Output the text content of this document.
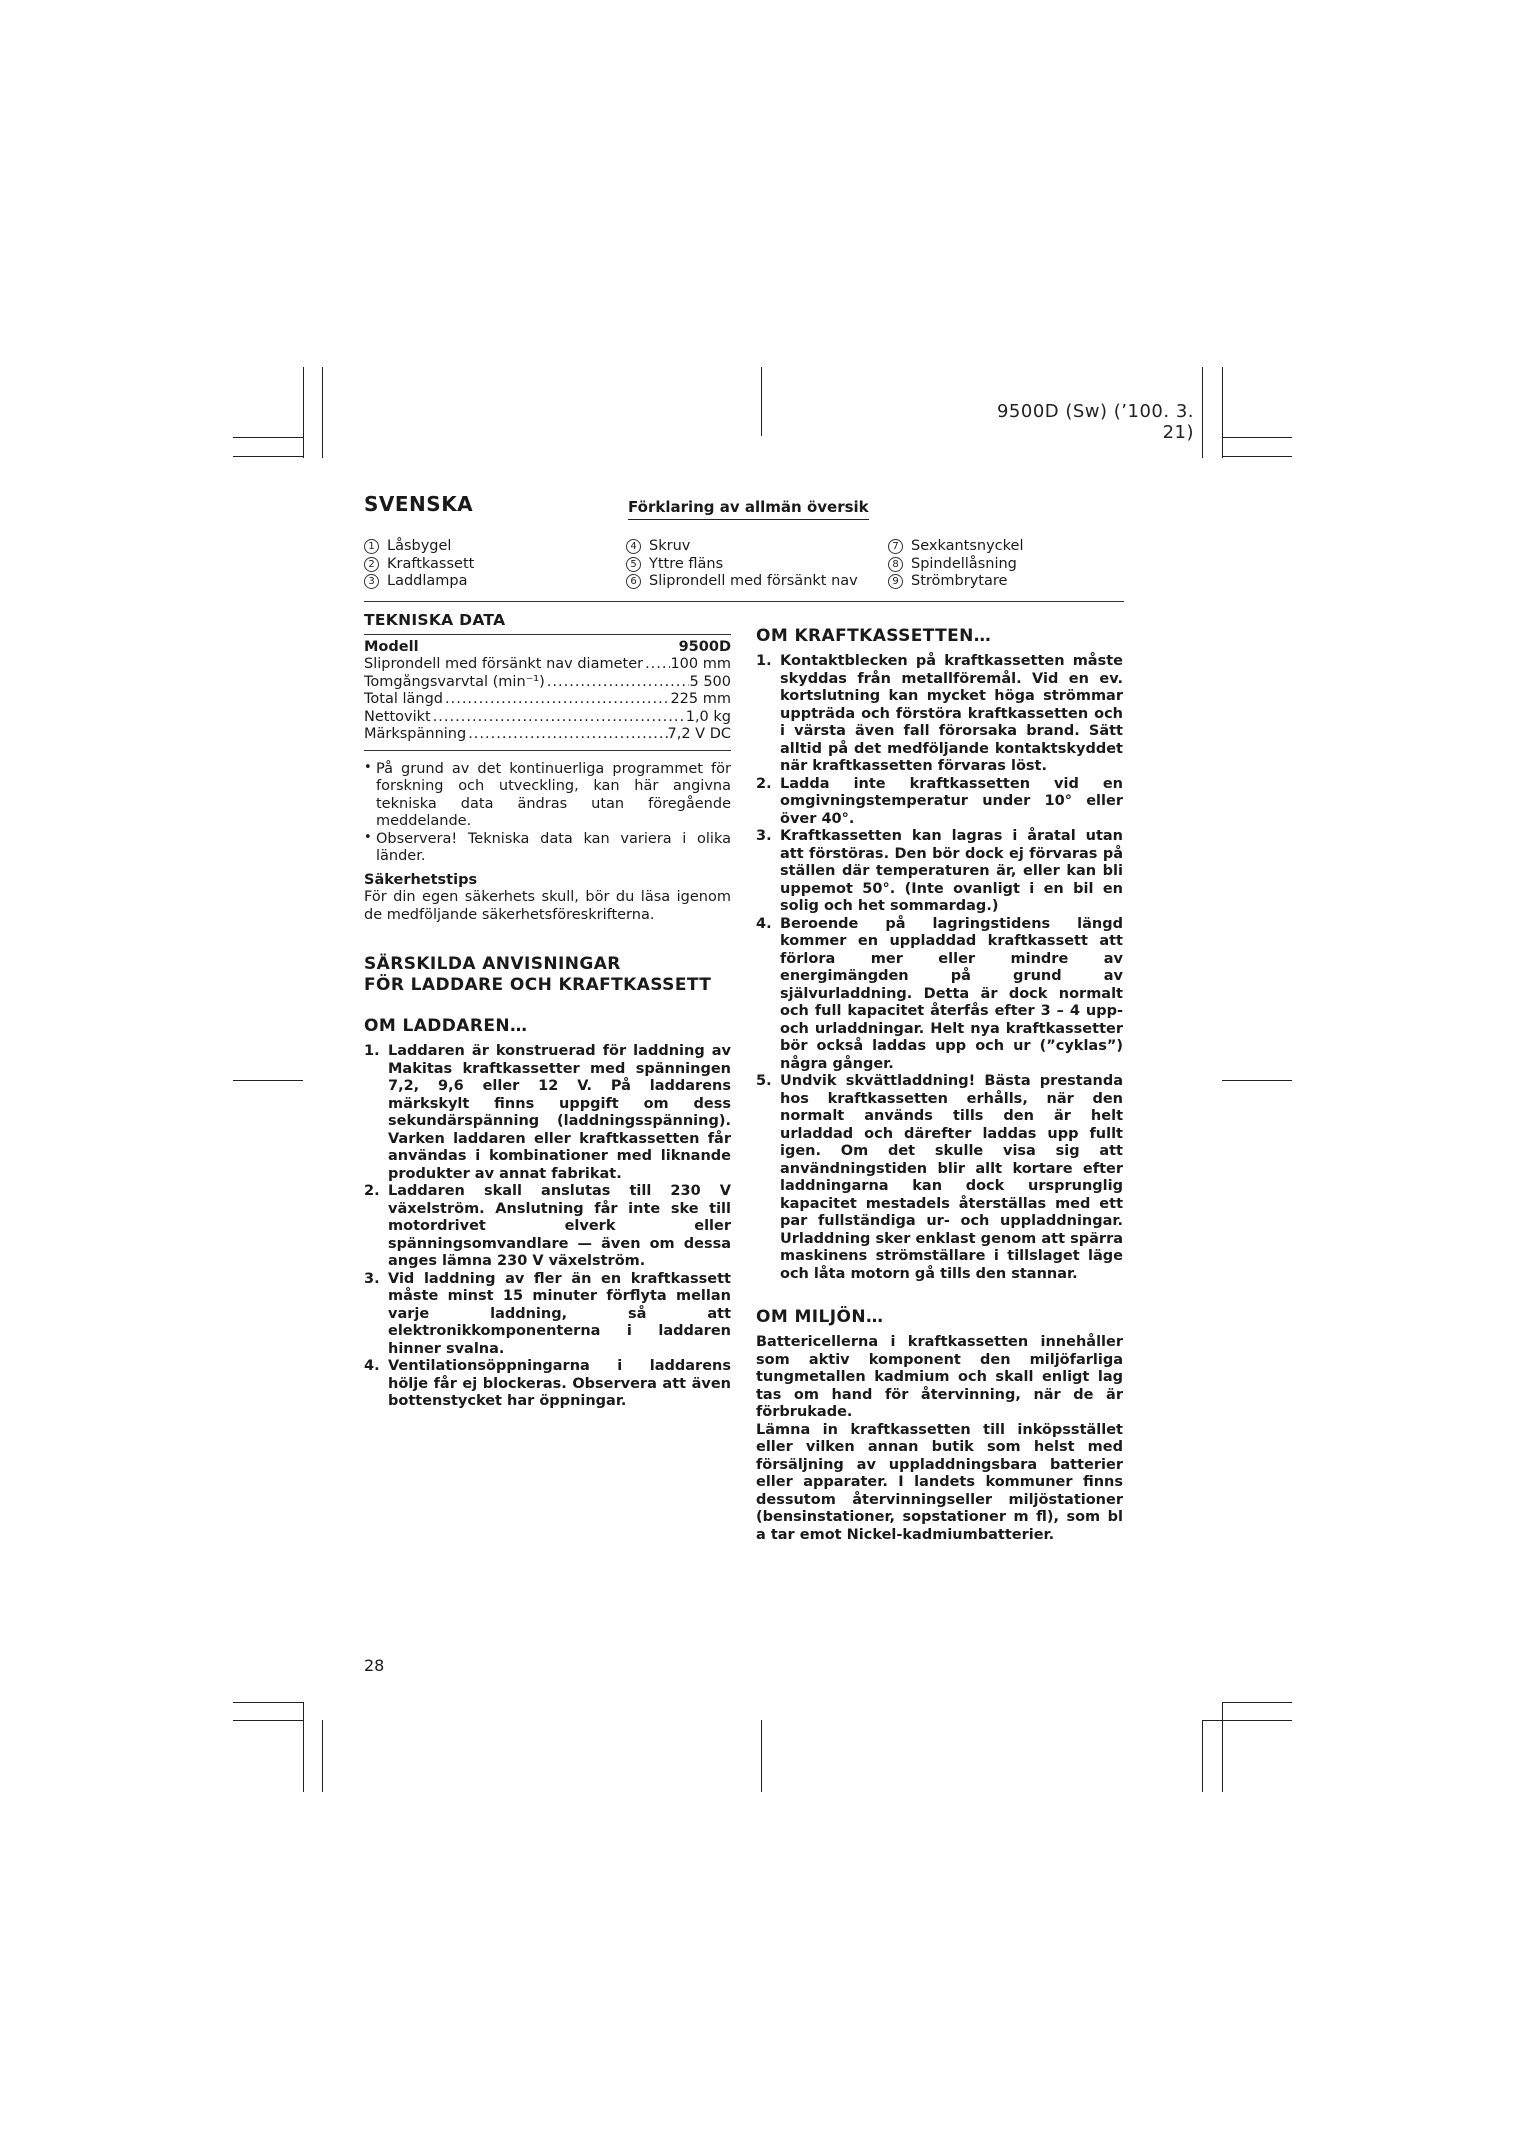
9500D (Sw) (’100. 3. 21)
SVENSKA	Förklaring av allmän översik
1 Låsbygel
2 Kraftkassett
3 Laddlampa
4 Skruv
5 Yttre fläns
6 Sliprondell med försänkt nav
7 Sexkantsnyckel
8 Spindellåsning
9 Strömbrytare
TEKNISKA DATA
Modell	9500D
Sliprondell med försänkt nav diameter ..... 100 mm
Tomgångsvarvtal (min⁻¹) .....	5 500
Total längd .....	225 mm
Nettovikt .....	1,0 kg
Märkspänning .....	7,2 V DC
• På grund av det kontinuerliga programmet för forskning och utveckling, kan här angivna tekniska data ändras utan föregående meddelande.
• Observera! Tekniska data kan variera i olika länder.
Säkerhetstips
För din egen säkerhets skull, bör du läsa igenom de medföljande säkerhetsföreskrifterna.
SÄRSKILDA ANVISNINGAR
FÖR LADDARE OCH KRAFTKASSETT
OM LADDAREN…
1. Laddaren är konstruerad för laddning av Makitas kraftkassetter med spänningen 7,2, 9,6 eller 12 V. På laddarens märkskylt finns uppgift om dess sekundärspänning (laddningsspänning). Varken laddaren eller kraftkassetten får användas i kombinationer med liknande produkter av annat fabrikat.
2. Laddaren skall anslutas till 230 V växelström. Anslutning får inte ske till motordrivet elverk eller spänningsomvandlare — även om dessa anges lämna 230 V växelström.
3. Vid laddning av fler än en kraftkassett måste minst 15 minuter förflyta mellan varje laddning, så att elektronikkomponenterna i laddaren hinner svalna.
4. Ventilationsöppningarna i laddarens hölje får ej blockeras. Observera att även bottenstycket har öppningar.
OM KRAFTKASSETTEN…
1. Kontaktblecken på kraftkassetten måste skyddas från metallföremål. Vid en ev. kortslutning kan mycket höga strömmar uppträda och förstöra kraftkassetten och i värsta även fall förorsaka brand. Sätt alltid på det medföljande kontaktskyddet när kraftkassetten förvaras löst.
2. Ladda inte kraftkassetten vid en omgivningstemperatur under 10° eller över 40°.
3. Kraftkassetten kan lagras i åratal utan att förstöras. Den bör dock ej förvaras på ställen där temperaturen är, eller kan bli uppemot 50°. (Inte ovanligt i en bil en solig och het sommardag.)
4. Beroende på lagringstidens längd kommer en uppladdad kraftkassett att förlora mer eller mindre av energimängden på grund av självurladdning. Detta är dock normalt och full kapacitet återfås efter 3 – 4 upp- och urladdningar. Helt nya kraftkassetter bör också laddas upp och ur (”cyklas”) några gånger.
5. Undvik skvättladdning! Bästa prestanda hos kraftkassetten erhålls, när den normalt används tills den är helt urladdad och därefter laddas upp fullt igen. Om det skulle visa sig att användningstiden blir allt kortare efter laddningarna kan dock ursprunglig kapacitet mestadels återställas med ett par fullständiga ur- och uppladdningar. Urladdning sker enklast genom att spärra maskinens strömställare i tillslaget läge och låta motorn gå tills den stannar.
OM MILJÖN…
Battericellerna i kraftkassetten innehåller som aktiv komponent den miljöfarliga tungmetallen kadmium och skall enligt lag tas om hand för återvinning, när de är förbrukade.
Lämna in kraftkassetten till inköpsstället eller vilken annan butik som helst med försäljning av uppladdningsbara batterier eller apparater. I landets kommuner finns dessutom återvinningseller miljöstationer (bensinstationer, sopstationer m fl), som bl a tar emot Nickel-kadmiumbatterier.
28
